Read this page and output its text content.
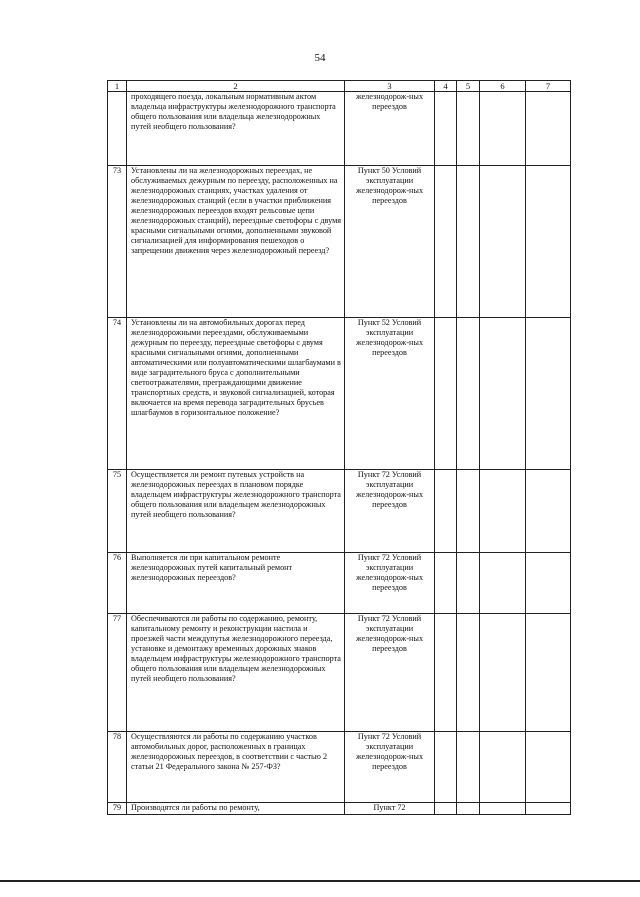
54
1	2	3	4	5	6	7
	проходящего поезда, локальным нормативным актом владельца инфраструктуры железнодорожного транспорта общего пользования или владельца железнодорожных путей необщего пользования?	железнодорож-ных переездов				
73	Установлены ли на железнодорожных переездах, не обслуживаемых дежурным по переезду, расположенных на железнодорожных станциях, участках удаления от железнодорожных станций (если в участки приближения железнодорожных переездов входят рельсовые цепи железнодорожных станций), переездные светофоры с двумя красными сигнальными огнями, дополненными звуковой сигнализацией для информирования пешеходов о запрещении движения через железнодорожный переезд?	Пункт 50 Условий эксплуатации железнодорож-ных переездов				
74	Установлены ли на автомобильных дорогах перед железнодорожными переездами, обслуживаемыми дежурным по переезду, переездные светофоры с двумя красными сигнальными огнями, дополненными автоматическими или полуавтоматическими шлагбаумами в виде заградительного бруса с дополнительными светоотражателями, преграждающими движение транспортных средств, и звуковой сигнализацией, которая включается на время перевода заградительных брусьев шлагбаумов в горизонтальное положение?	Пункт 52 Условий эксплуатации железнодорож-ных переездов				
75	Осуществляется ли ремонт путевых устройств на железнодорожных переездах в плановом порядке владельцем инфраструктуры железнодорожного транспорта общего пользования или владельцем железнодорожных путей необщего пользования?	Пункт 72 Условий эксплуатации железнодорож-ных переездов				
76	Выполняется ли при капитальном ремонте железнодорожных путей капитальный ремонт железнодорожных переездов?	Пункт 72 Условий эксплуатации железнодорож-ных переездов				
77	Обеспечиваются ли работы по содержанию, ремонту, капитальному ремонту и реконструкции настила и проезжей части междупутья железнодорожного переезда, установке и демонтажу временных дорожных знаков владельцем инфраструктуры железнодорожного транспорта общего пользования или владельцем железнодорожных путей необщего пользования?	Пункт 72 Условий эксплуатации железнодорож-ных переездов				
78	Осуществляются ли работы по содержанию участков автомобильных дорог, расположенных в границах железнодорожных переездов, в соответствии с частью 2 статьи 21 Федерального закона № 257-ФЗ?	Пункт 72 Условий эксплуатации железнодорож-ных переездов				
79	Производятся ли работы по ремонту,	Пункт 72				
